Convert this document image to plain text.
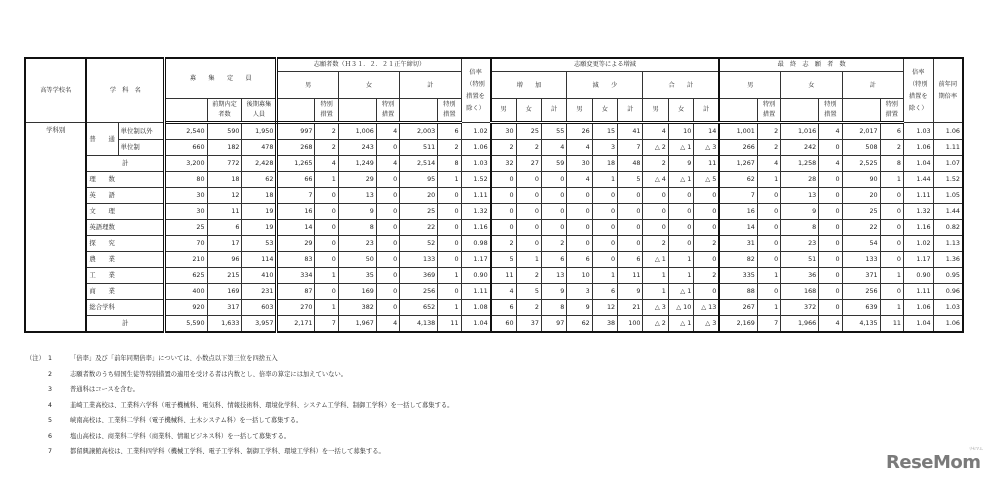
高等学校名	学　科　名		募　　集　　定　　員			志願者数（Ｈ３１．２．２１正午締切）						倍率（特別措置を除く）	志願変更等による増減									最　終　志　願　者　数						倍率（特別措置を除く）	前年同期倍率
						男		女		計			増　　加			減　　少			合　　計			男		女		計			
				前期内定者数	後期募集人員		特別措置		特別措置		特別措置		男	女	計	男	女	計	男	女	計		特別措置		特別措置		特別措置		
学科別	普　　通	単位制以外	2,540	590	1,950	997	2	1,006	4	2,003	6	1.02	30	25	55	26	15	41	4	10	14	1,001	2	1,016	4	2,017	6	1.03	1.06
		単位制	660	182	478	268	2	243	0	511	2	1.06	2	2	4	4	3	7	△ 2	△ 1	△ 3	266	2	242	0	508	2	1.06	1.11
	計		3,200	772	2,428	1,265	4	1,249	4	2,514	8	1.03	32	27	59	30	18	48	2	9	11	1,267	4	1,258	4	2,525	8	1.04	1.07
	理　　数		80	18	62	66	1	29	0	95	1	1.52	0	0	0	4	1	5	△ 4	△ 1	△ 5	62	1	28	0	90	1	1.44	1.52
	英　　語		30	12	18	7	0	13	0	20	0	1.11	0	0	0	0	0	0	0	0	0	7	0	13	0	20	0	1.11	1.05
	文　　理		30	11	19	16	0	9	0	25	0	1.32	0	0	0	0	0	0	0	0	0	16	0	9	0	25	0	1.32	1.44
	英語理数		25	6	19	14	0	8	0	22	0	1.16	0	0	0	0	0	0	0	0	0	14	0	8	0	22	0	1.16	0.82
	探　　究		70	17	53	29	0	23	0	52	0	0.98	2	0	2	0	0	0	2	0	2	31	0	23	0	54	0	1.02	1.13
	農　　業		210	96	114	83	0	50	0	133	0	1.17	5	1	6	6	0	6	△ 1	1	0	82	0	51	0	133	0	1.17	1.36
	工　　業		625	215	410	334	1	35	0	369	1	0.90	11	2	13	10	1	11	1	1	2	335	1	36	0	371	1	0.90	0.95
	商　　業		400	169	231	87	0	169	0	256	0	1.11	4	5	9	3	6	9	1	△ 1	0	88	0	168	0	256	0	1.11	0.96
	総合学科		920	317	603	270	1	382	0	652	1	1.08	6	2	8	9	12	21	△ 3	△ 10	△ 13	267	1	372	0	639	1	1.06	1.03
	計		5,590	1,633	3,957	2,171	7	1,967	4	4,138	11	1.04	60	37	97	62	38	100	△ 2	△ 1	△ 3	2,169	7	1,966	4	4,135	11	1.04	1.06
（注） 1	「倍率」及び「前年同期倍率」については、小数点以下第三位を四捨五入
2	志願者数のうち帰国生徒等特別措置の適用を受ける者は内数とし、倍率の算定には加えていない。
3	普通科はコースを含む。
4	韮崎工業高校は、工業科六学科（電子機械科、電気科、情報技術科、環境化学科、システム工学科、制御工学科）を一括して募集する。
5	峡南高校は、工業科二学科（電子機械科、土木システム科）を一括して募集する。
6	塩山高校は、商業科二学科（商業科、情報ビジネス科）を一括して募集する。
7	都留興譲館高校は、工業科四学科（機械工学科、電子工学科、制御工学科、環境工学科）を一括して募集する。
ReseMom
リセマム
